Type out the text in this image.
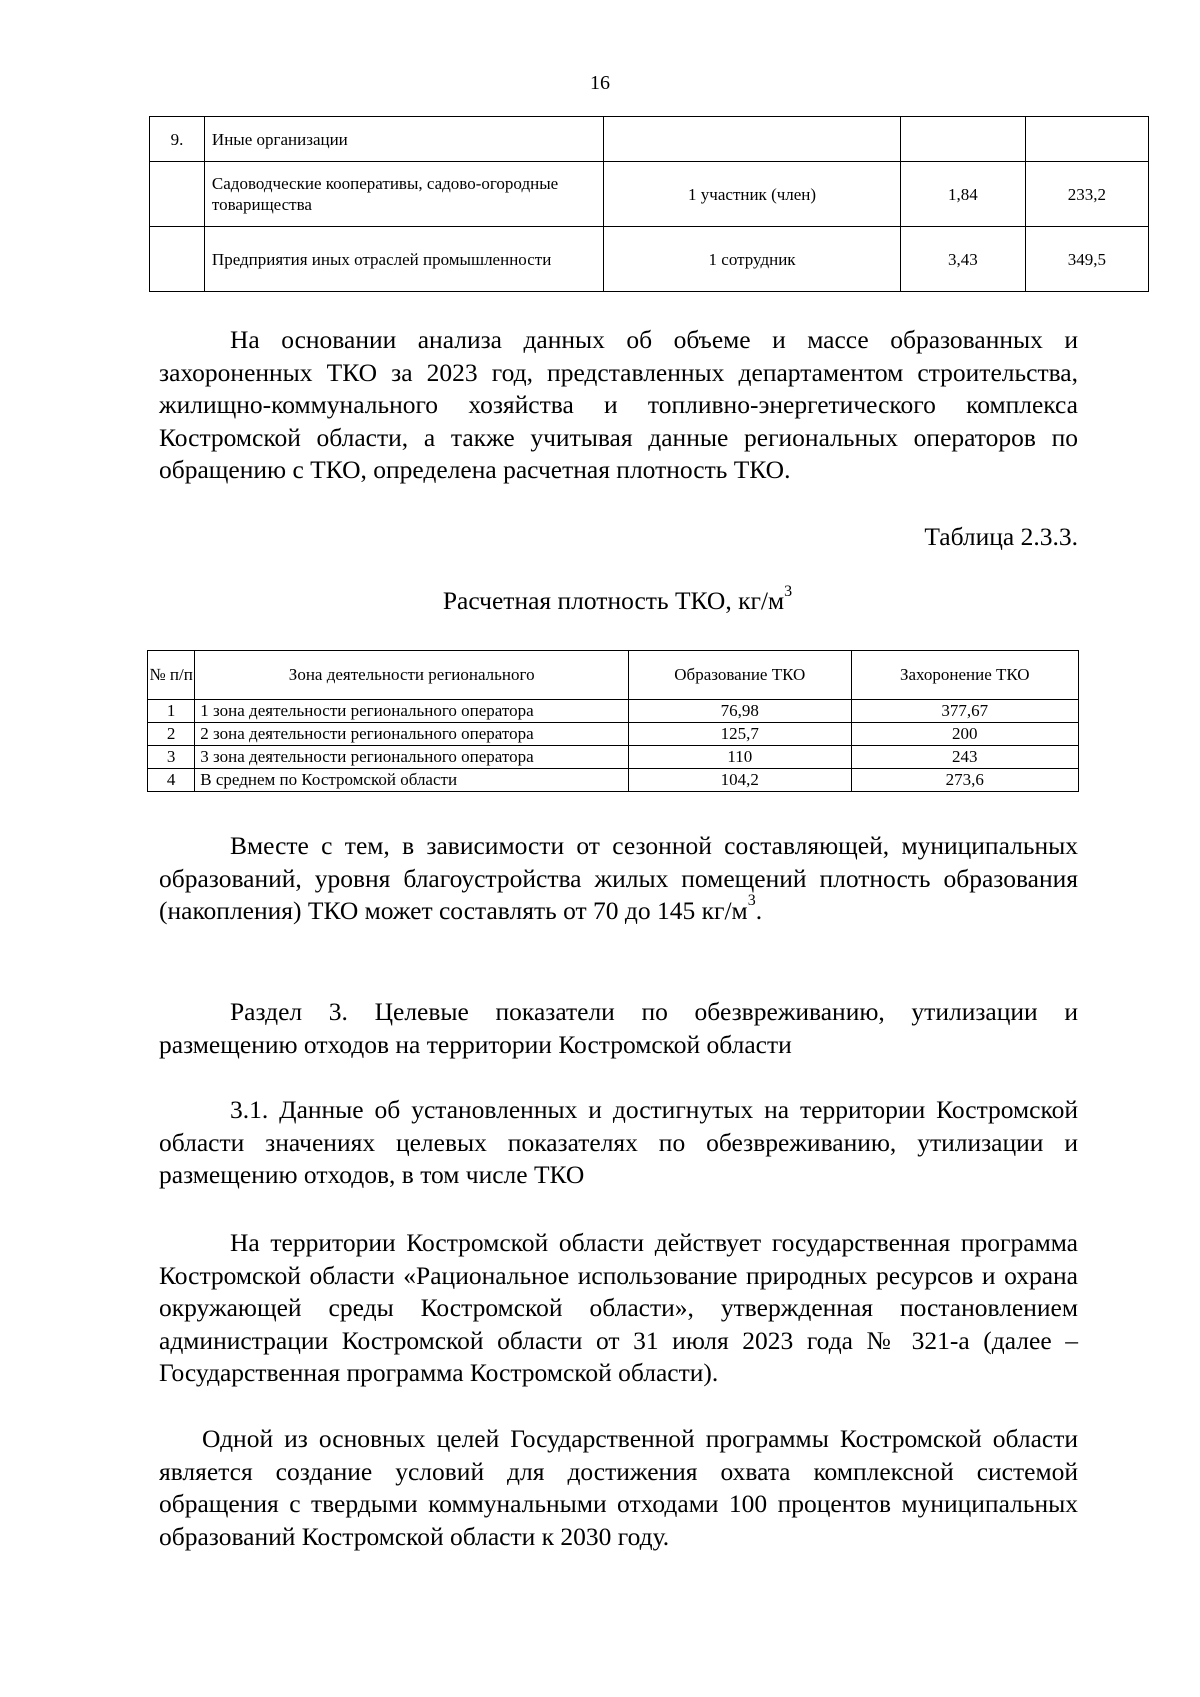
16
9.	Иные организации			
	Садоводческие кооперативы, садово-огородные товарищества	1 участник (член)	1,84	233,2
	Предприятия иных отраслей промышленности	1 сотрудник	3,43	349,5

На основании анализа данных об объеме и массе образованных и захороненных ТКО за 2023 год, представленных департаментом строительства, жилищно-коммунального хозяйства и топливно-энергетического комплекса Костромской области, а также учитывая данные региональных операторов по обращению с ТКО, определена расчетная плотность ТКО.

Таблица 2.3.3.
Расчетная плотность ТКО, $кг/м^3$
№ п/п	Зона деятельности регионального	Образование ТКО	Захоронение ТКО
1	1 зона деятельности регионального оператора	76,98	377,67
2	2 зона деятельности регионального оператора	125,7	200
3	3 зона деятельности регионального оператора	110	243
4	В среднем по Костромской области	104,2	273,6

Вместе с тем, в зависимости от сезонной составляющей, муниципальных образований, уровня благоустройства жилых помещений плотность образования (накопления) ТКО может составлять от 70 до 145 $кг/м^3$.

Раздел 3. Целевые показатели по обезвреживанию, утилизации и размещению отходов на территории Костромской области

3.1. Данные об установленных и достигнутых на территории Костромской области значениях целевых показателях по обезвреживанию, утилизации и размещению отходов, в том числе ТКО

На территории Костромской области действует государственная программа Костромской области «Рациональное использование природных ресурсов и охрана окружающей среды Костромской области», утвержденная постановлением администрации Костромской области от 31 июля 2023 года № 321-а (далее – Государственная программа Костромской области).

Одной из основных целей Государственной программы Костромской области является создание условий для достижения охвата комплексной системой обращения с твердыми коммунальными отходами 100 процентов муниципальных образований Костромской области к 2030 году.
